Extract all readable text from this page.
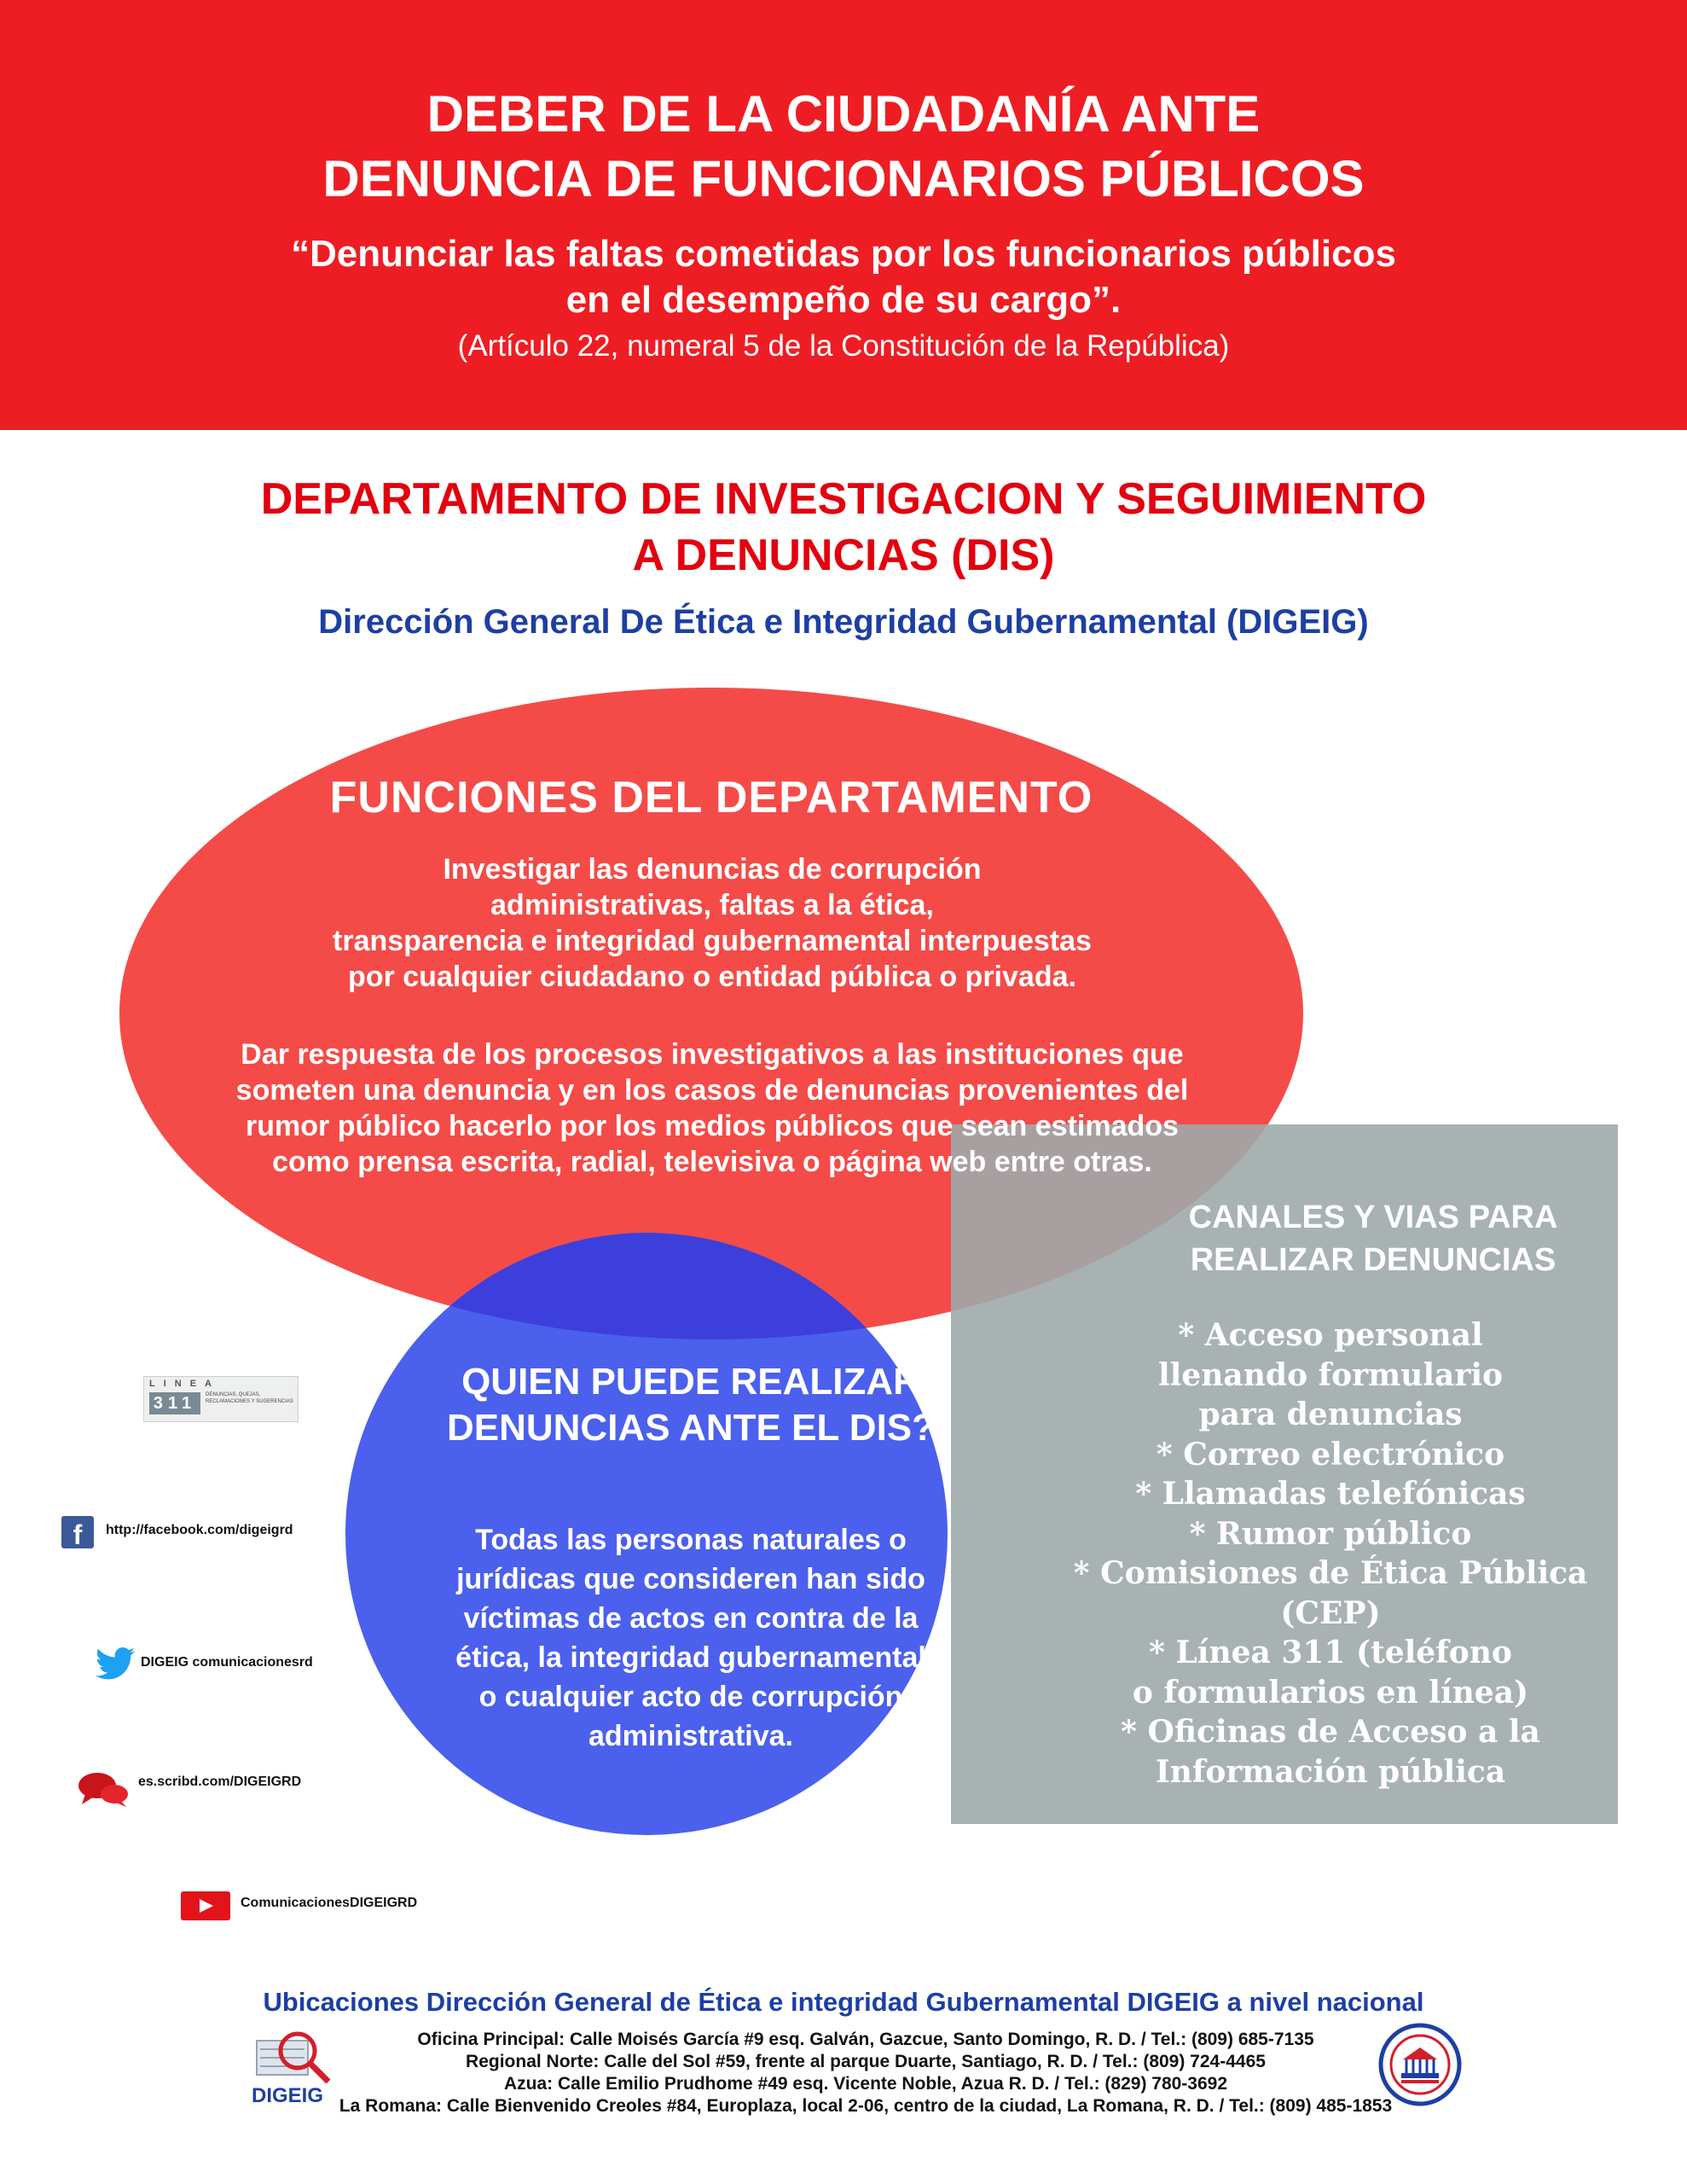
DEBER DE LA CIUDADANÍA ANTE
DENUNCIA DE FUNCIONARIOS PÚBLICOS
“Denunciar las faltas cometidas por los funcionarios públicos
en el desempeño de su cargo”.
(Artículo 22, numeral 5 de la Constitución de la República)
DEPARTAMENTO DE INVESTIGACION Y SEGUIMIENTO
A DENUNCIAS (DIS)
Dirección General De Ética e Integridad Gubernamental (DIGEIG)
FUNCIONES DEL DEPARTAMENTO
Investigar las denuncias de corrupción
administrativas, faltas a la ética,
transparencia e integridad gubernamental interpuestas
por cualquier ciudadano o entidad pública o privada.
Dar respuesta de los procesos investigativos a las instituciones que
someten una denuncia y en los casos de denuncias provenientes del
rumor público hacerlo por los medios públicos que sean estimados
como prensa escrita, radial, televisiva o página web entre otras.
QUIEN PUEDE REALIZAR
DENUNCIAS ANTE EL DIS?
Todas las personas naturales o
jurídicas que consideren han sido
víctimas de actos en contra de la
ética, la integridad gubernamental
o cualquier acto de corrupción
administrativa.
CANALES Y VIAS PARA
REALIZAR DENUNCIAS
* Acceso personal
llenando formulario
para denuncias
* Correo electrónico
* Llamadas telefónicas
* Rumor público
* Comisiones de Ética Pública
(CEP)
* Línea 311 (teléfono
o formularios en línea)
* Oficinas de Acceso a la
Información pública
LINEA
311	DENUNCIAS, QUEJAS, RECLAMACIONES Y SUGERENCIAS
f	http://facebook.com/digeigrd
DIGEIG comunicacionesrd
es.scribd.com/DIGEIGRD
ComunicacionesDIGEIGRD
Ubicaciones Dirección General de Ética e integridad Gubernamental DIGEIG a nivel nacional
DIGEIG
Oficina Principal: Calle Moisés García #9 esq. Galván, Gazcue, Santo Domingo, R. D. / Tel.: (809) 685-7135
Regional Norte: Calle del Sol #59, frente al parque Duarte, Santiago, R. D. / Tel.: (809) 724-4465
Azua: Calle Emilio Prudhome #49 esq. Vicente Noble, Azua R. D. / Tel.: (829) 780-3692
La Romana: Calle Bienvenido Creoles #84, Europlaza, local 2-06, centro de la ciudad, La Romana, R. D. / Tel.: (809) 485-1853
